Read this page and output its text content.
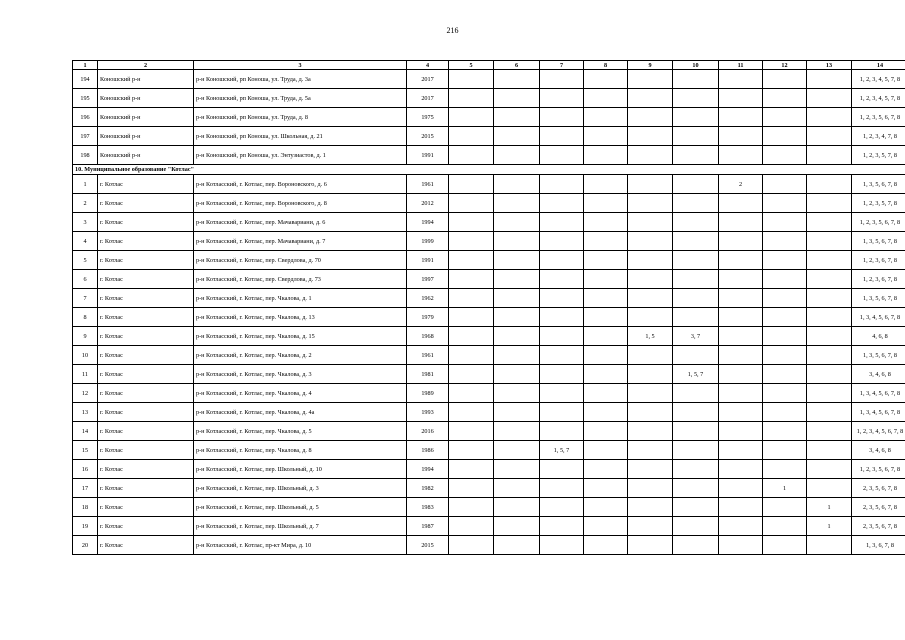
216
1	2	3	4	5	6	7	8	9	10	11	12	13	14
194	Коношский р-н	р-н Коношский, рп Коноша, ул. Труда, д. 3а	2017										1, 2, 3, 4, 5, 7, 8
195	Коношский р-н	р-н Коношский, рп Коноша, ул. Труда, д. 5а	2017										1, 2, 3, 4, 5, 7, 8
196	Коношский р-н	р-н Коношский, рп Коноша, ул. Труда, д. 8	1975										1, 2, 3, 5, 6, 7, 8
197	Коношский р-н	р-н Коношский, рп Коноша, ул. Школьная, д. 21	2015										1, 2, 3, 4, 7, 8
198	Коношский р-н	р-н Коношский, рп Коноша, ул. Энтузиастов, д. 1	1991										1, 2, 3, 5, 7, 8
10. Муниципальное образование "Котлас"													
1	г. Котлас	р-н Котласский, г. Котлас, пер. Вороновского, д. 6	1961							2			1, 3, 5, 6, 7, 8
2	г. Котлас	р-н Котласский, г. Котлас, пер. Вороновского, д. 8	2012										1, 2, 3, 5, 7, 8
3	г. Котлас	р-н Котласский, г. Котлас, пер. Мачавариани, д. 6	1994										1, 2, 3, 5, 6, 7, 8
4	г. Котлас	р-н Котласский, г. Котлас, пер. Мачавариани, д. 7	1999										1, 3, 5, 6, 7, 8
5	г. Котлас	р-н Котласский, г. Котлас, пер. Свердлова, д. 70	1991										1, 2, 3, 6, 7, 8
6	г. Котлас	р-н Котласский, г. Котлас, пер. Свердлова, д. 73	1997										1, 2, 3, 6, 7, 8
7	г. Котлас	р-н Котласский, г. Котлас, пер. Чкалова, д. 1	1962										1, 3, 5, 6, 7, 8
8	г. Котлас	р-н Котласский, г. Котлас, пер. Чкалова, д. 13	1979										1, 3, 4, 5, 6, 7, 8
9	г. Котлас	р-н Котласский, г. Котлас, пер. Чкалова, д. 15	1968					1, 5	3, 7				4, 6, 8
10	г. Котлас	р-н Котласский, г. Котлас, пер. Чкалова, д. 2	1961										1, 3, 5, 6, 7, 8
11	г. Котлас	р-н Котласский, г. Котлас, пер. Чкалова, д. 3	1981						1, 5, 7				3, 4, 6, 8
12	г. Котлас	р-н Котласский, г. Котлас, пер. Чкалова, д. 4	1989										1, 3, 4, 5, 6, 7, 8
13	г. Котлас	р-н Котласский, г. Котлас, пер. Чкалова, д. 4а	1993										1, 3, 4, 5, 6, 7, 8
14	г. Котлас	р-н Котласский, г. Котлас, пер. Чкалова, д. 5	2016										1, 2, 3, 4, 5, 6, 7, 8
15	г. Котлас	р-н Котласский, г. Котлас, пер. Чкалова, д. 8	1986			1, 5, 7							3, 4, 6, 8
16	г. Котлас	р-н Котласский, г. Котлас, пер. Школьный, д. 10	1994										1, 2, 3, 5, 6, 7, 8
17	г. Котлас	р-н Котласский, г. Котлас, пер. Школьный, д. 3	1982								1		2, 3, 5, 6, 7, 8
18	г. Котлас	р-н Котласский, г. Котлас, пер. Школьный, д. 5	1983									1	2, 3, 5, 6, 7, 8
19	г. Котлас	р-н Котласский, г. Котлас, пер. Школьный, д. 7	1987									1	2, 3, 5, 6, 7, 8
20	г. Котлас	р-н Котласский, г. Котлас, пр-кт Мира, д. 10	2015										1, 3, 6, 7, 8
